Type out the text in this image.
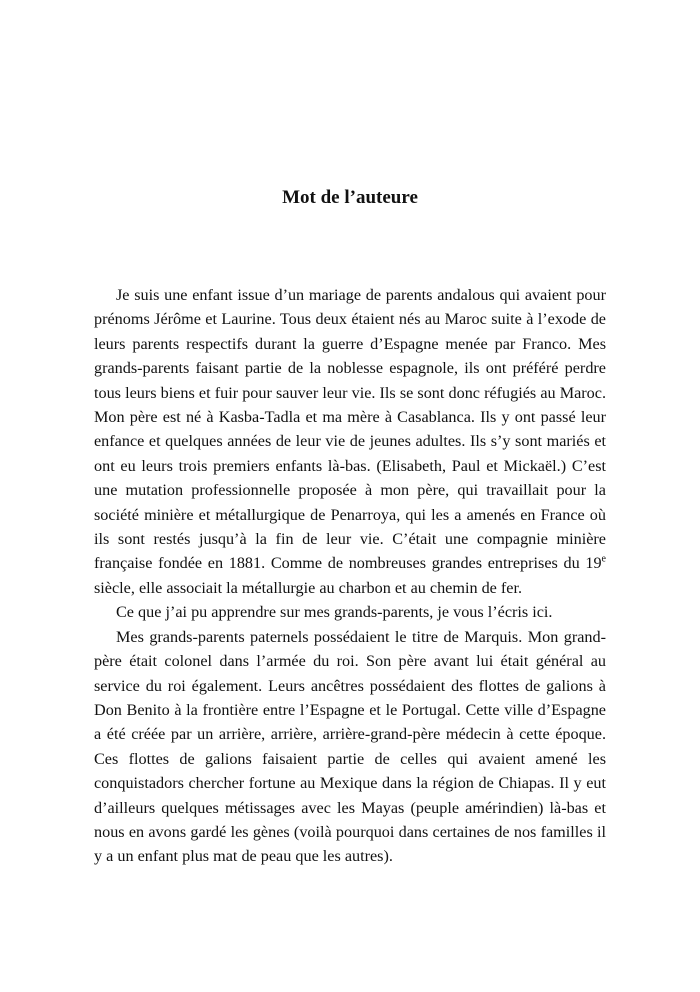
Mot de l’auteure

Je suis une enfant issue d’un mariage de parents andalous qui avaient pour prénoms Jérôme et Laurine. Tous deux étaient nés au Maroc suite à l’exode de leurs parents respectifs durant la guerre d’Espagne menée par Franco. Mes grands-parents faisant partie de la noblesse espagnole, ils ont préféré perdre tous leurs biens et fuir pour sauver leur vie. Ils se sont donc réfugiés au Maroc. Mon père est né à Kasba-Tadla et ma mère à Casablanca. Ils y ont passé leur enfance et quelques années de leur vie de jeunes adultes. Ils s’y sont mariés et ont eu leurs trois premiers enfants là-bas. (Elisabeth, Paul et Mickaël.) C’est une mutation professionnelle proposée à mon père, qui travaillait pour la société minière et métallurgique de Penarroya, qui les a amenés en France où ils sont restés jusqu’à la fin de leur vie. C’était une compagnie minière française fondée en 1881. Comme de nombreuses grandes entreprises du 19e siècle, elle associait la métallurgie au charbon et au chemin de fer.

Ce que j’ai pu apprendre sur mes grands-parents, je vous l’écris ici.

Mes grands-parents paternels possédaient le titre de Marquis. Mon grand-père était colonel dans l’armée du roi. Son père avant lui était général au service du roi également. Leurs ancêtres possédaient des flottes de galions à Don Benito à la frontière entre l’Espagne et le Portugal. Cette ville d’Espagne a été créée par un arrière, arrière, arrière-grand-père médecin à cette époque. Ces flottes de galions faisaient partie de celles qui avaient amené les conquistadors chercher fortune au Mexique dans la région de Chiapas. Il y eut d’ailleurs quelques métissages avec les Mayas (peuple amérindien) là-bas et nous en avons gardé les gènes (voilà pourquoi dans certaines de nos familles il y a un enfant plus mat de peau que les autres).
